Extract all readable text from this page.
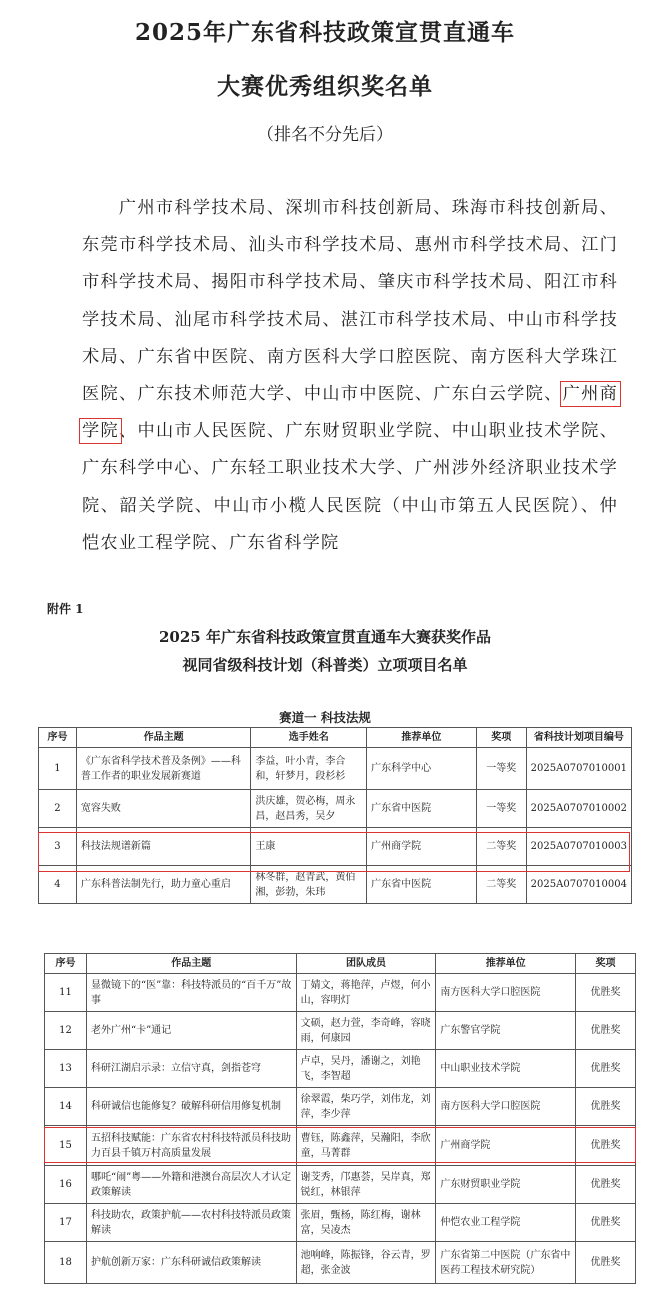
2025年广东省科技政策宣贯直通车
大赛优秀组织奖名单
（排名不分先后）
  广州市科学技术局、深圳市科技创新局、珠海市科技创新局、东莞市科学技术局、汕头市科学技术局、惠州市科学技术局、江门市科学技术局、揭阳市科学技术局、肇庆市科学技术局、阳江市科学技术局、汕尾市科学技术局、湛江市科学技术局、中山市科学技术局、广东省中医院、南方医科大学口腔医院、南方医科大学珠江医院、广东技术师范大学、中山市中医院、广东白云学院、广州商学院、中山市人民医院、广东财贸职业学院、中山职业技术学院、广东科学中心、广东轻工职业技术大学、广州涉外经济职业技术学院、韶关学院、中山市小榄人民医院（中山市第五人民医院）、仲恺农业工程学院、广东省科学院
附件 1
2025 年广东省科技政策宣贯直通车大赛获奖作品
视同省级科技计划（科普类）立项项目名单
赛道一 科技法规
序号	作品主题	选手姓名	推荐单位	奖项	省科技计划项目编号
1	《广东省科学技术普及条例》——科普工作者的职业发展新赛道	李益，叶小青，李合和，轩梦月，段杉杉	广东科学中心	一等奖	2025A0707010001
2	宽容失败	洪庆雄，贺必梅，周永昌，赵昌秀，吴夕	广东省中医院	一等奖	2025A0707010002
3	科技法规谱新篇	王康	广州商学院	二等奖	2025A0707010003
4	广东科普法制先行，助力童心重启	林冬群，赵青武，黄伯湘，彭勃，朱玮	广东省中医院	二等奖	2025A0707010004
序号	作品主题	团队成员	推荐单位	奖项
11	显微镜下的“医”靠：科技特派员的“百千万”故事	丁婧文，蒋艳萍，卢煜，何小山，容明灯	南方医科大学口腔医院	优胜奖
12	老外广州“卡”通记	文硕，赵力萱，李奇峰，容晓雨，何康园	广东警官学院	优胜奖
13	科研江湖启示录：立信守真，剑指苍穹	卢卓，吴丹，潘谢之，刘艳飞，李智超	中山职业技术学院	优胜奖
14	科研诚信也能修复？破解科研信用修复机制	徐翠霞，柴巧学，刘伟龙，刘萍，李少萍	南方医科大学口腔医院	优胜奖
15	五招科技赋能：广东省农村科技特派员科技助力百县千镇万村高质量发展	曹钰，陈鑫萍，吴瀚阳，李欣童，马菁群	广州商学院	优胜奖
16	哪吒“闹”粤——外籍和港澳台高层次人才认定政策解读	谢芠秀，邝惠荟，吴岸真，郑锐红，林银萍	广东财贸职业学院	优胜奖
17	科技助农，政策护航——农村科技特派员政策解读	张眉，甄杨，陈红梅，谢林富，吴凌杰	仲恺农业工程学院	优胜奖
18	护航创新万家：广东科研诚信政策解读	池响峰，陈振锋，谷云青，罗超，张金波	广东省第二中医院（广东省中医药工程技术研究院）	优胜奖
